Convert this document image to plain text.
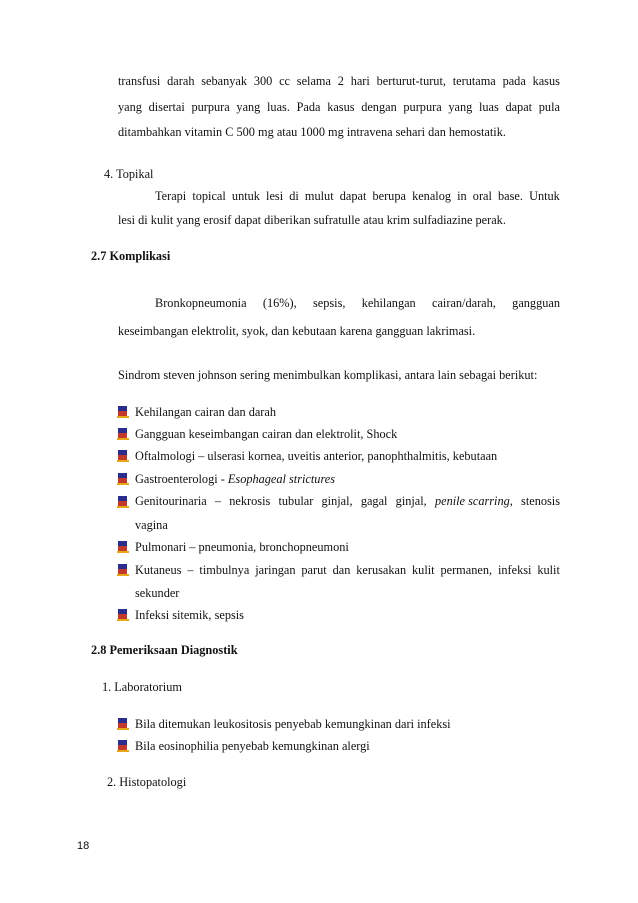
transfusi darah sebanyak 300 cc selama 2 hari berturut-turut, terutama pada kasus
yang disertai purpura yang luas. Pada kasus dengan purpura yang luas dapat pula
ditambahkan vitamin C 500 mg atau 1000 mg intravena sehari dan hemostatik.
4. Topikal
Terapi topical untuk lesi di mulut dapat berupa kenalog in oral base. Untuk
lesi di kulit yang erosif dapat diberikan sufratulle atau krim sulfadiazine perak.
2.7 Komplikasi
Bronkopneumonia (16%), sepsis, kehilangan cairan/darah, gangguan
keseimbangan elektrolit, syok, dan kebutaan karena gangguan lakrimasi.
Sindrom steven johnson sering menimbulkan komplikasi, antara lain sebagai berikut:
Kehilangan cairan dan darah
Gangguan keseimbangan cairan dan elektrolit, Shock
Oftalmologi – ulserasi kornea, uveitis anterior, panophthalmitis, kebutaan
Gastroenterologi - Esophageal strictures
Genitourinaria – nekrosis tubular ginjal, gagal ginjal, penile scarring, stenosis
vagina
Pulmonari – pneumonia, bronchopneumoni
Kutaneus – timbulnya jaringan parut dan kerusakan kulit permanen, infeksi kulit
sekunder
Infeksi sitemik, sepsis
2.8 Pemeriksaan Diagnostik
1. Laboratorium
Bila ditemukan leukositosis penyebab kemungkinan dari infeksi
Bila eosinophilia penyebab kemungkinan alergi
2. Histopatologi
18
